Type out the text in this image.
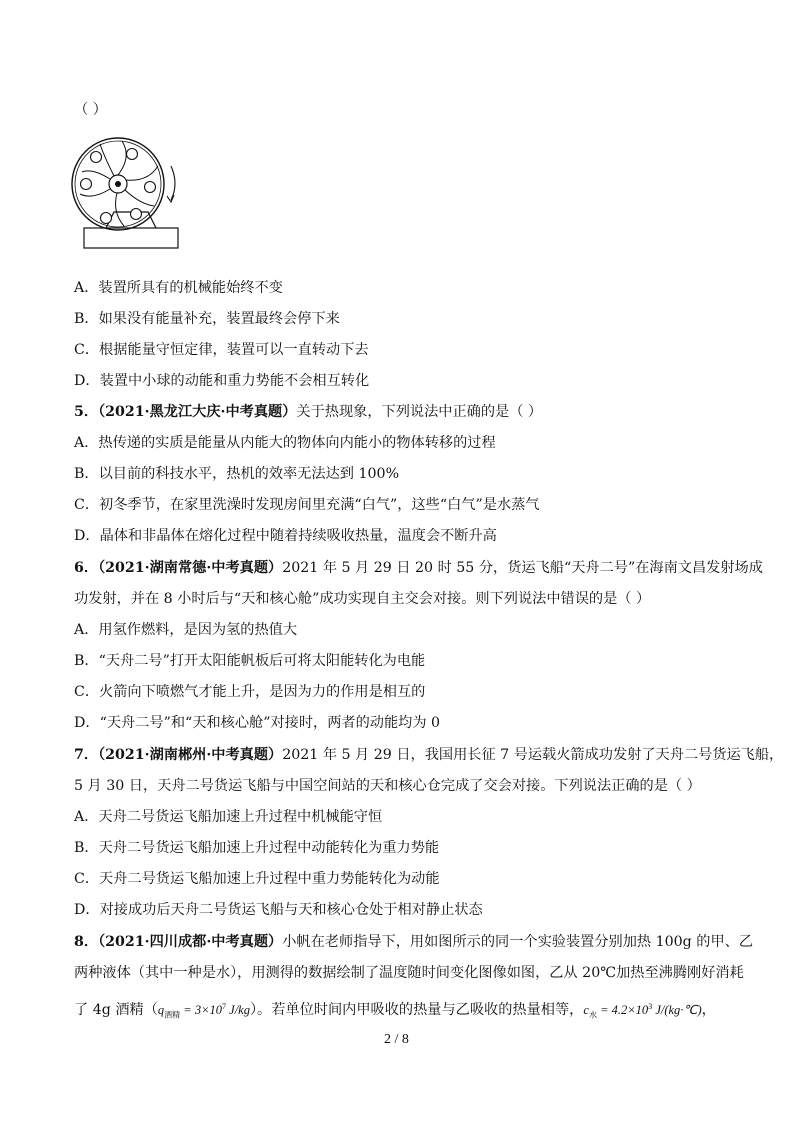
（ ）
A．装置所具有的机械能始终不变
B．如果没有能量补充，装置最终会停下来
C．根据能量守恒定律，装置可以一直转动下去
D．装置中小球的动能和重力势能不会相互转化
5．（2021·黑龙江大庆·中考真题）关于热现象，下列说法中正确的是（ ）
A．热传递的实质是能量从内能大的物体向内能小的物体转移的过程
B．以目前的科技水平，热机的效率无法达到 100%
C．初冬季节，在家里洗澡时发现房间里充满“白气”，这些“白气”是水蒸气
D．晶体和非晶体在熔化过程中随着持续吸收热量，温度会不断升高
6．（2021·湖南常德·中考真题）2021 年 5 月 29 日 20 时 55 分，货运飞船“天舟二号”在海南文昌发射场成
功发射，并在 8 小时后与“天和核心舱”成功实现自主交会对接。则下列说法中错误的是（ ）
A．用氢作燃料，是因为氢的热值大
B．“天舟二号”打开太阳能帆板后可将太阳能转化为电能
C．火箭向下喷燃气才能上升，是因为力的作用是相互的
D．“天舟二号”和“天和核心舱”对接时，两者的动能均为 0
7．（2021·湖南郴州·中考真题）2021 年 5 月 29 日，我国用长征 7 号运载火箭成功发射了天舟二号货运飞船，
5 月 30 日，天舟二号货运飞船与中国空间站的天和核心仓完成了交会对接。下列说法正确的是（ ）
A．天舟二号货运飞船加速上升过程中机械能守恒
B．天舟二号货运飞船加速上升过程中动能转化为重力势能
C．天舟二号货运飞船加速上升过程中重力势能转化为动能
D．对接成功后天舟二号货运飞船与天和核心仓处于相对静止状态
8．（2021·四川成都·中考真题）小帆在老师指导下，用如图所示的同一个实验装置分别加热 100g 的甲、乙
两种液体（其中一种是水），用测得的数据绘制了温度随时间变化图像如图，乙从 20℃加热至沸腾刚好消耗
了 4g 酒精（$q_{酒精} = 3\times 10^7$ J/kg）。若单位时间内甲吸收的热量与乙吸收的热量相等，$c_水 = 4.2\times 10^3$ J/(kg·℃)，
2 / 8
